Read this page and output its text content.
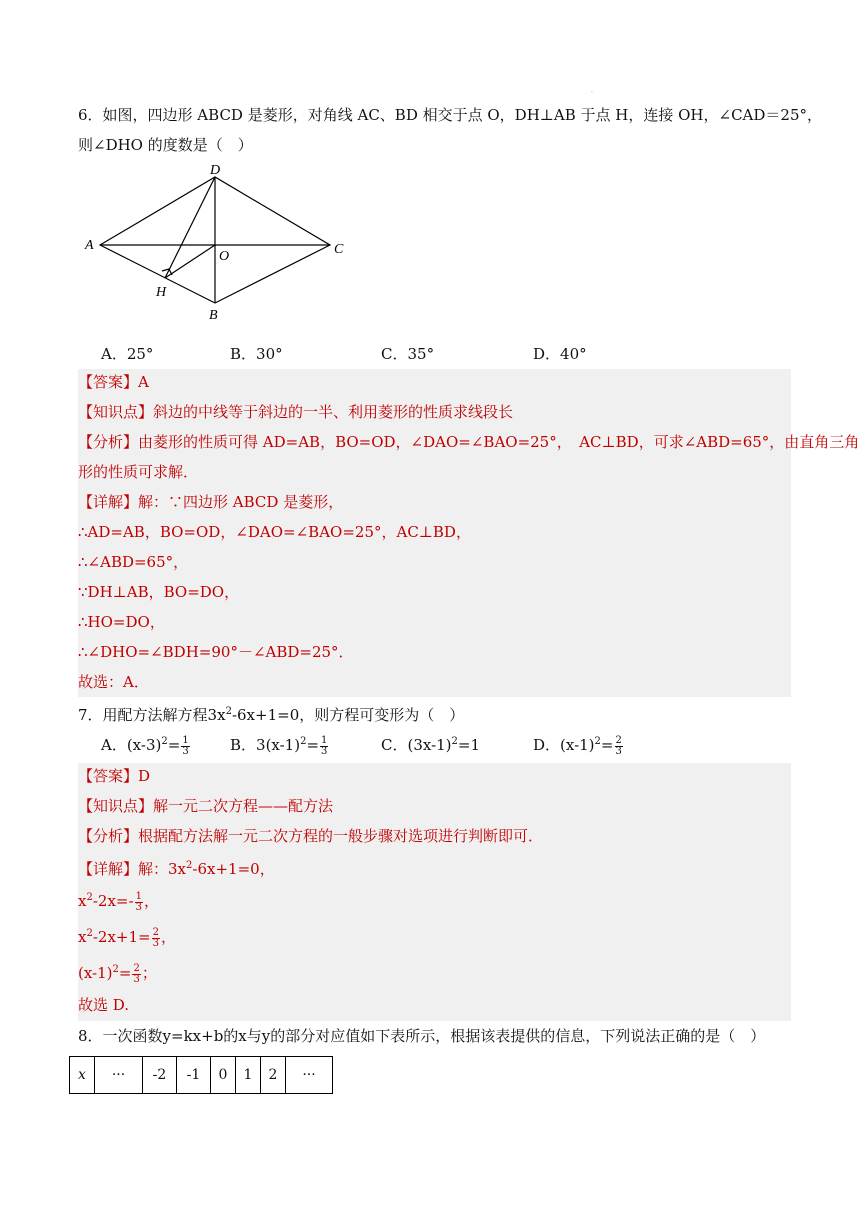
.
6．如图，四边形 ABCD 是菱形，对角线 AC、BD 相交于点 O，DH⊥AB 于点 H，连接 OH，∠CAD＝25°，
则∠DHO 的度数是（　）
D
A	C
O
H
B
A．25°	B．30°	C．35°	D．40°
【答案】A
【知识点】斜边的中线等于斜边的一半、利用菱形的性质求线段长
【分析】由菱形的性质可得 AD=AB，BO=OD，∠DAO=∠BAO=25°，　AC⊥BD，可求∠ABD=65°，由直角三角
形的性质可求解．
【详解】解：∵四边形 ABCD 是菱形，
∴AD=AB，BO=OD，∠DAO=∠BAO=25°，AC⊥BD，
∴∠ABD=65°，
∵DH⊥AB，BO=DO，
∴HO=DO，
∴∠DHO=∠BDH=90°－∠ABD=25°．
故选：A．
7．用配方法解方程$3x^2-6x+1=0$，则方程可变形为（　）
A．$(x-3)^2= \frac{1}{3}$	B．$3(x-1)^2= \frac{1}{3}$	C．$(3x-1)^2=1$	D．$(x-1)^2= \frac{2}{3}$
【答案】D
【知识点】解一元二次方程——配方法
【分析】根据配方法解一元二次方程的一般步骤对选项进行判断即可．
【详解】解：$3x^2-6x+1=0$，
$x^2-2x=- \frac{1}{3}$ ，
$x^2-2x+1= \frac{2}{3}$ ，
$(x-1)^2= \frac{2}{3}$ ；
故选 D.
8．一次函数y=kx+b的x与y的部分对应值如下表所示，根据该表提供的信息，下列说法正确的是（　）
x	···	-2	-1	0	1	2	···
